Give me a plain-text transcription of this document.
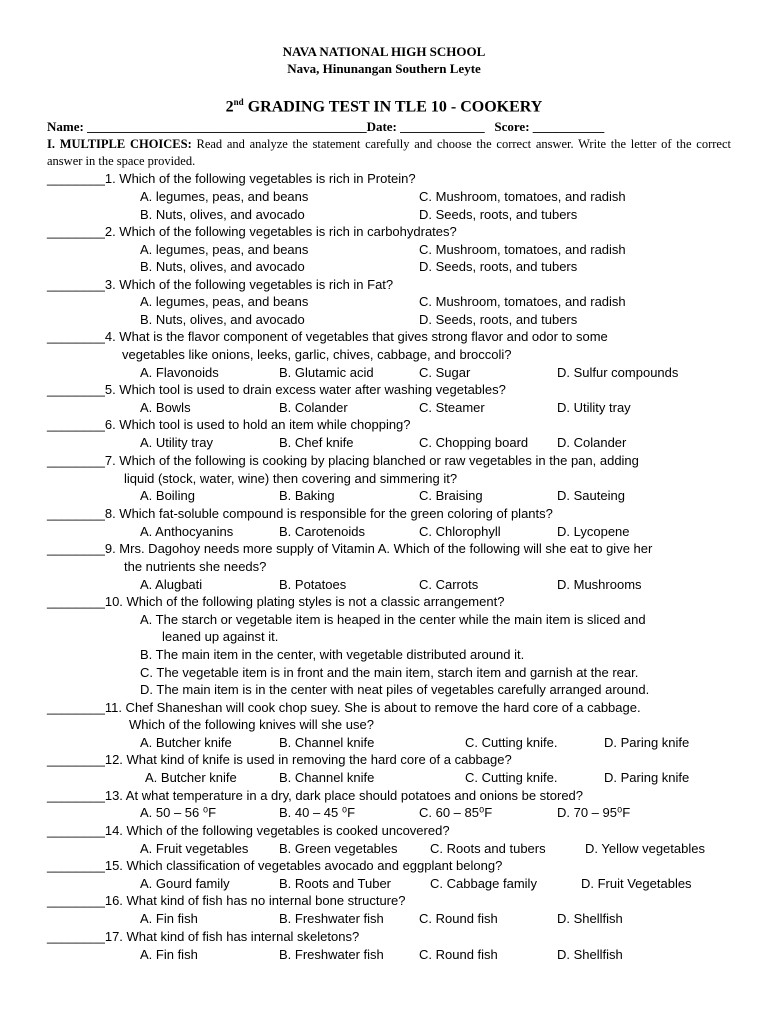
NAVA NATIONAL HIGH SCHOOL
Nava, Hinunangan Southern Leyte
2nd GRADING TEST IN TLE 10 - COOKERY
Name: ___________________________________________Date: _____________   Score: ___________
I. MULTIPLE CHOICES: Read and analyze the statement carefully and choose the correct answer. Write the letter of the correct answer in the space provided.
________1. Which of the following vegetables is rich in Protein?
A. legumes, peas, and beans	C. Mushroom, tomatoes, and radish
B. Nuts, olives, and avocado	D. Seeds, roots, and tubers
________2. Which of the following vegetables is rich in carbohydrates?
A. legumes, peas, and beans	C. Mushroom, tomatoes, and radish
B. Nuts, olives, and avocado	D. Seeds, roots, and tubers
________3. Which of the following vegetables is rich in Fat?
A. legumes, peas, and beans	C. Mushroom, tomatoes, and radish
B. Nuts, olives, and avocado	D. Seeds, roots, and tubers
________4. What is the flavor component of vegetables that gives strong flavor and odor to some
vegetables like onions, leeks, garlic, chives, cabbage, and broccoli?
A. Flavonoids	B. Glutamic acid	C. Sugar	D. Sulfur compounds
________5. Which tool is used to drain excess water after washing vegetables?
A. Bowls	B. Colander	C. Steamer	D. Utility tray
________6. Which tool is used to hold an item while chopping?
A. Utility tray	B. Chef knife	C. Chopping board D. Colander
________7. Which of the following is cooking by placing blanched or raw vegetables in the pan, adding
liquid (stock, water, wine) then covering and simmering it?
A. Boiling	B. Baking	C. Braising	D. Sauteing
________8. Which fat-soluble compound is responsible for the green coloring of plants?
A. Anthocyanins	B. Carotenoids	C. Chlorophyll	D. Lycopene
________9. Mrs. Dagohoy needs more supply of Vitamin A. Which of the following will she eat to give her
the nutrients she needs?
A. Alugbati	B. Potatoes	C. Carrots	D. Mushrooms
________10. Which of the following plating styles is not a classic arrangement?
A. The starch or vegetable item is heaped in the center while the main item is sliced and
leaned up against it.
B. The main item in the center, with vegetable distributed around it.
C. The vegetable item is in front and the main item, starch item and garnish at the rear.
D. The main item is in the center with neat piles of vegetables carefully arranged around.
________11. Chef Shaneshan will cook chop suey. She is about to remove the hard core of a cabbage.
Which of the following knives will she use?
A. Butcher knife	B. Channel knife	C. Cutting knife.	D. Paring knife
________12. What kind of knife is used in removing the hard core of a cabbage?
A. Butcher knife	B. Channel knife	C. Cutting knife.	D. Paring knife
________13. At what temperature in a dry, dark place should potatoes and onions be stored?
A. 50 – 56 ⁰F	B. 40 – 45 ⁰F	C. 60 – 85⁰F	D. 70 – 95⁰F
________14. Which of the following vegetables is cooked uncovered?
A. Fruit vegetables B. Green vegetables C. Roots and tubers	D. Yellow vegetables
________15. Which classification of vegetables avocado and eggplant belong?
A. Gourd family	B. Roots and Tuber	C. Cabbage family	D. Fruit Vegetables
________16. What kind of fish has no internal bone structure?
A. Fin fish	B. Freshwater fish	C. Round fish	D. Shellfish
________17. What kind of fish has internal skeletons?
A. Fin fish	B. Freshwater fish	C. Round fish	D. Shellfish
